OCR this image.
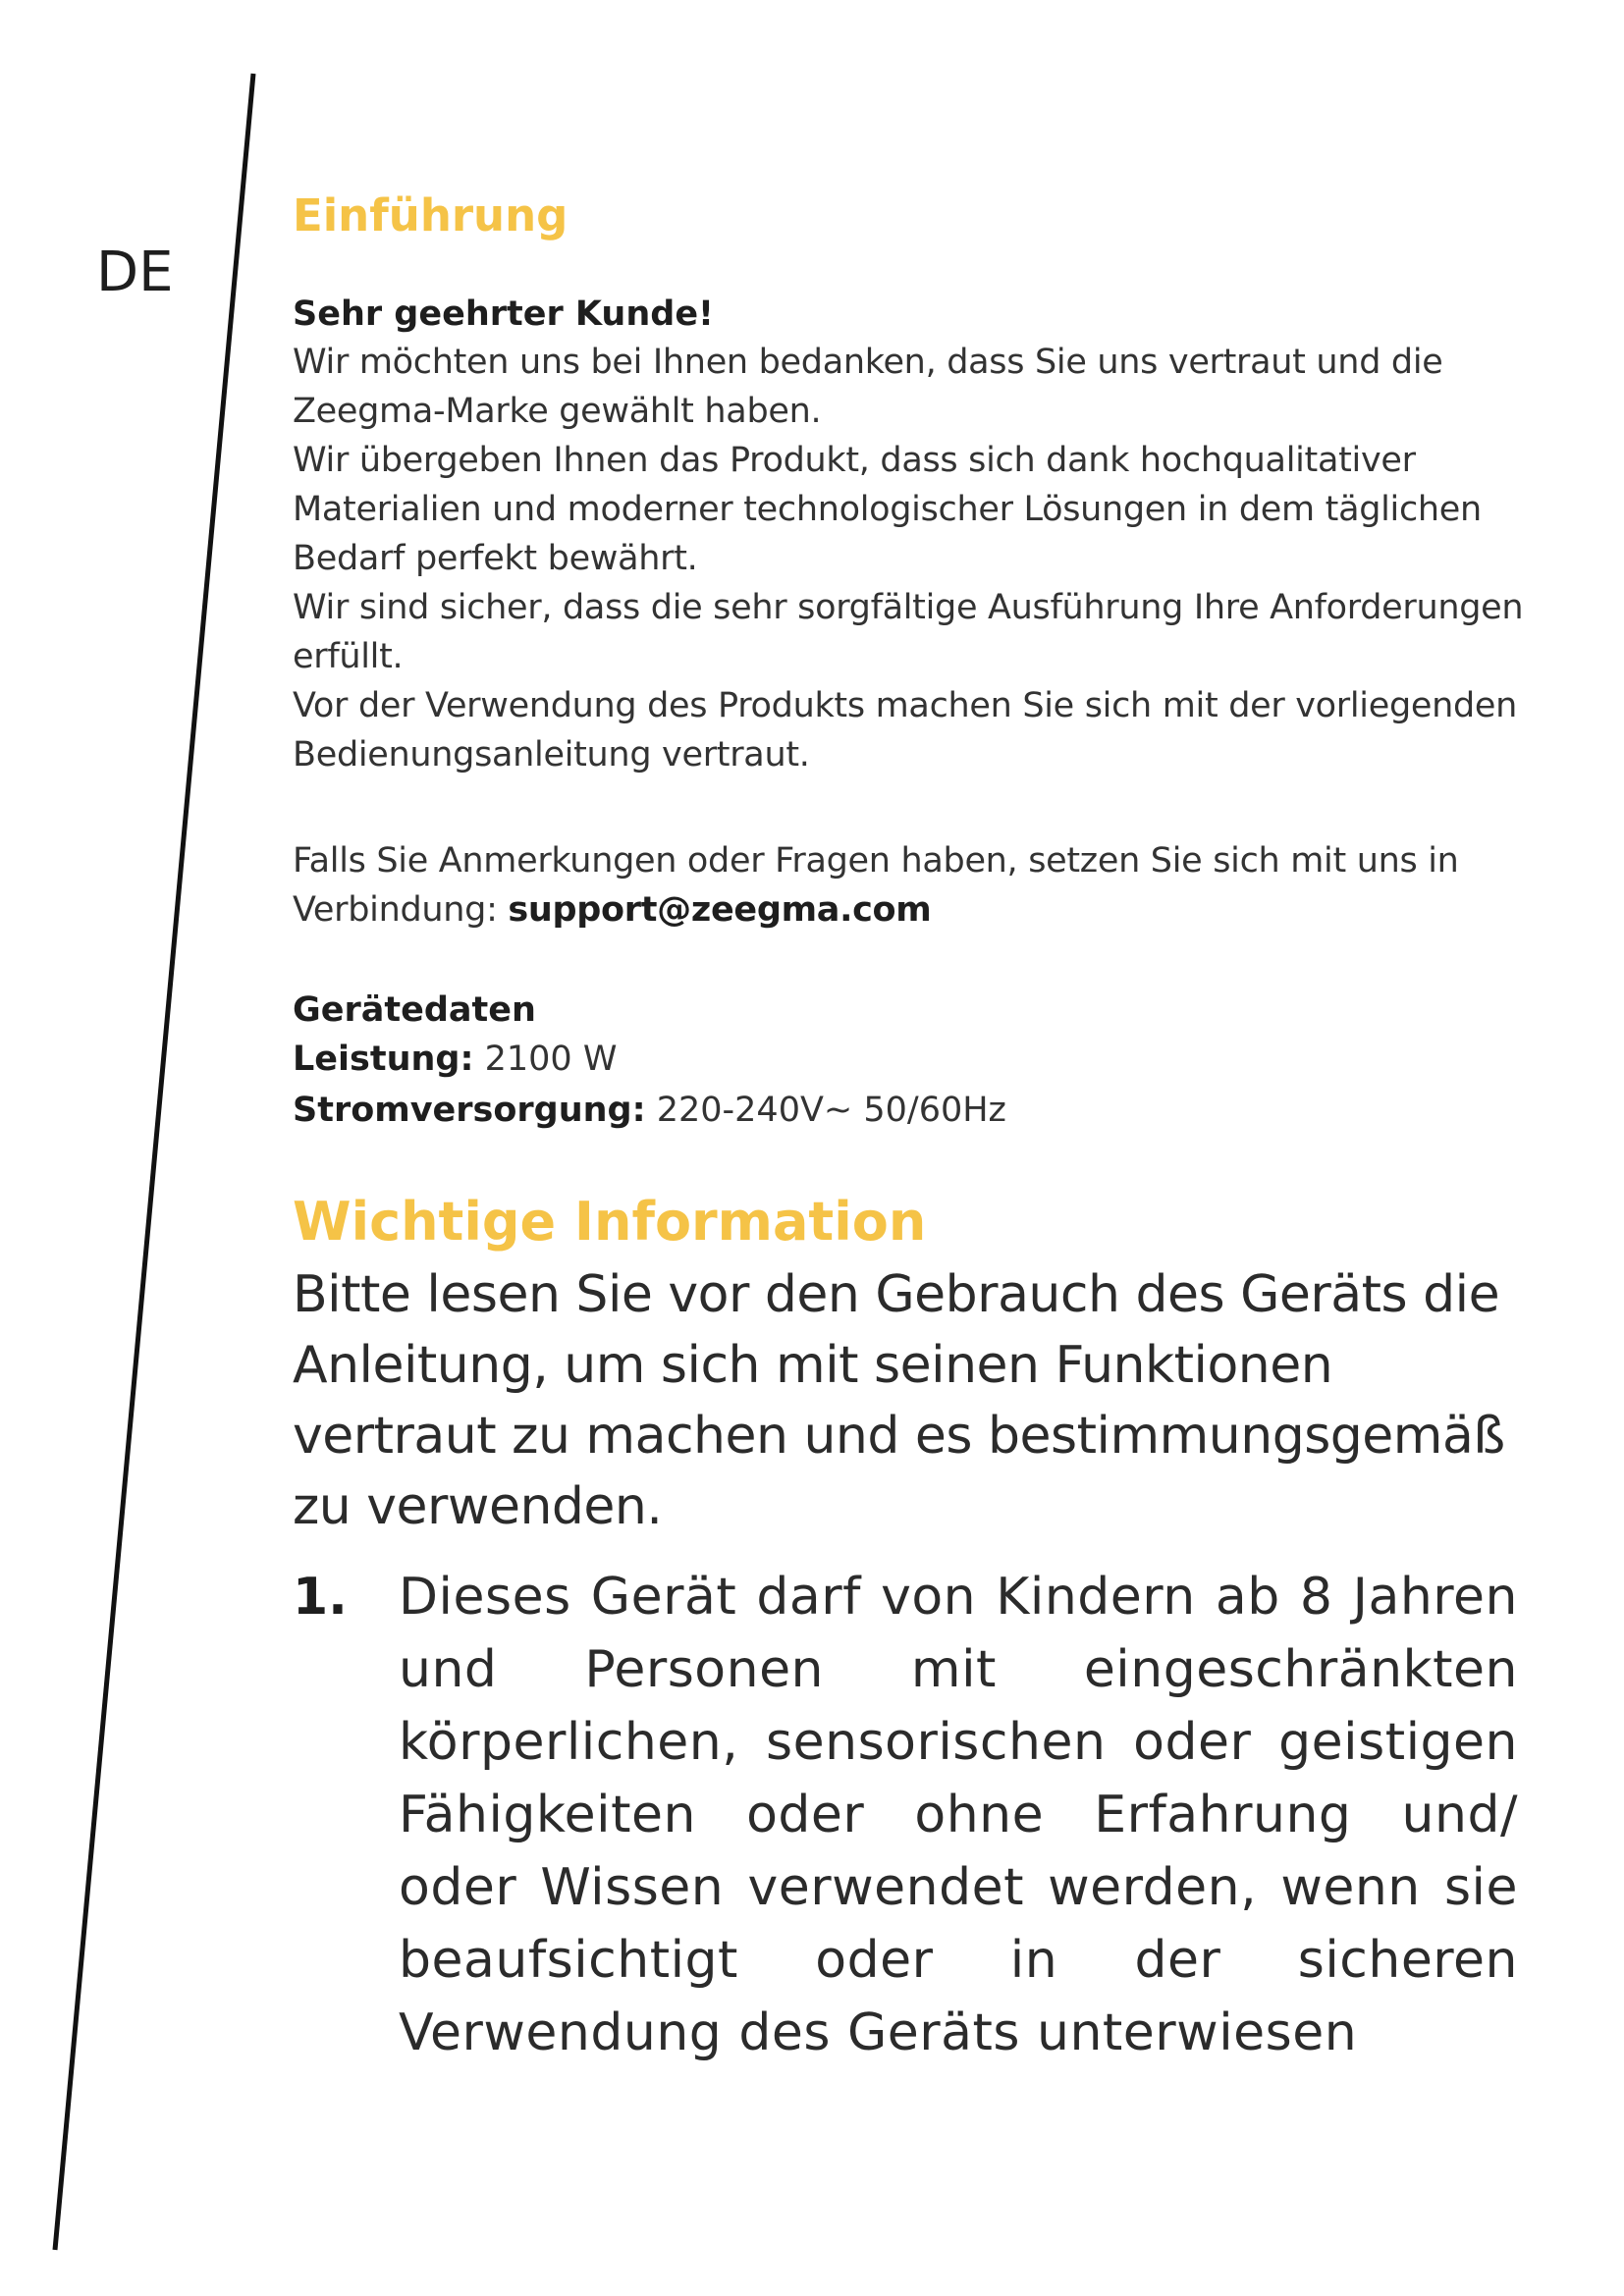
DE
Einführung

Sehr geehrter Kunde!

Wir möchten uns bei Ihnen bedanken, dass Sie uns vertraut und die Zeegma-Marke gewählt haben.

Wir übergeben Ihnen das Produkt, dass sich dank hochqualitativer Materialien und moderner technologischer Lösungen in dem täglichen Bedarf perfekt bewährt.

Wir sind sicher, dass die sehr sorgfältige Ausführung Ihre Anforderungen erfüllt.

Vor der Verwendung des Produkts machen Sie sich mit der vorliegenden Bedienungsanleitung vertraut.

Falls Sie Anmerkungen oder Fragen haben, setzen Sie sich mit uns in Verbindung: support@zeegma.com

Gerätedaten

Leistung: 2100 W

Stromversorgung: 220-240V~ 50/60Hz

Wichtige Information

Bitte lesen Sie vor den Gebrauch des Geräts die Anleitung, um sich mit seinen Funktionen vertraut zu machen und es bestimmungsgemäß zu verwenden.

1. Dieses Gerät darf von Kindern ab 8 Jahren und Personen mit eingeschränkten körperlichen, sensorischen oder geistigen Fähigkeiten oder ohne Erfahrung und/ oder Wissen verwendet werden, wenn sie beaufsichtigt oder in der sicheren Verwendung des Geräts unterwiesen
